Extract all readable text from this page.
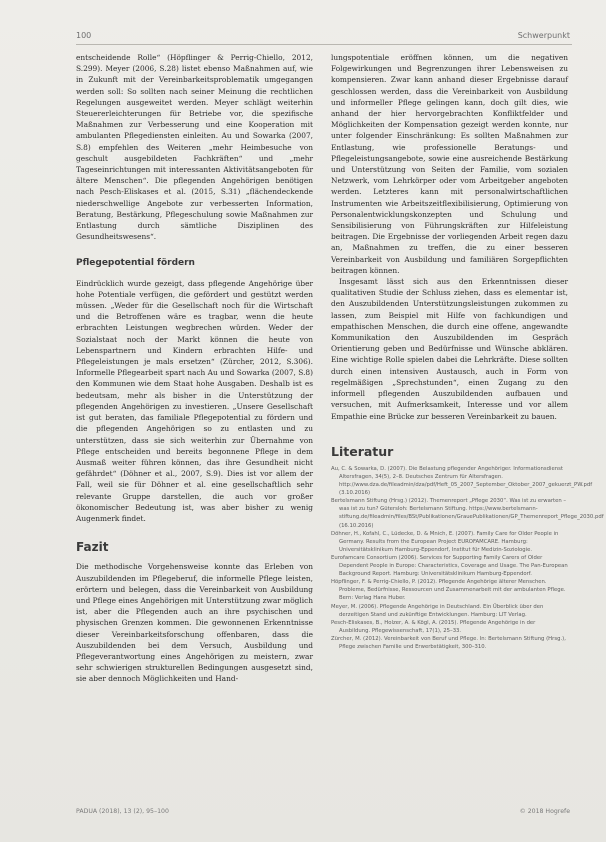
100	Schwerpunkt

entscheidende Rolle“ (Höpflinger & Perrig-Chiello, 2012, S.299). Meyer (2006, S.28) listet ebenso Maßnahmen auf, wie in Zukunft mit der Vereinbarkeitsproblematik umgegangen werden soll: So sollten nach seiner Meinung die rechtlichen Regelungen ausgeweitet werden. Meyer schlägt weiterhin Steuererleichterungen für Betriebe vor, die spezifische Maßnahmen zur Verbesserung und eine Kooperation mit ambulanten Pflegediensten einleiten. Au und Sowarka (2007, S.8) empfehlen des Weiteren „mehr Heimbesuche von geschult ausgebildeten Fachkräften“ und „mehr Tageseinrichtungen mit interessanten Aktivitätsangeboten für ältere Menschen“. Die pflegenden Angehörigen benötigen nach Pesch-Eliskases et al. (2015, S.31) „flächendeckende niederschwellige Angebote zur verbesserten Information, Beratung, Bestärkung, Pflegeschulung sowie Maßnahmen zur Entlastung durch sämtliche Disziplinen des Gesundheitswesens“.

Pflegepotential fördern

Eindrücklich wurde gezeigt, dass pflegende Angehörige über hohe Potentiale verfügen, die gefördert und gestützt werden müssen. „Weder für die Gesellschaft noch für die Wirtschaft und die Betroffenen wäre es tragbar, wenn die heute erbrachten Leistungen wegbrechen würden. Weder der Sozialstaat noch der Markt können die heute von Lebenspartnern und Kindern erbrachten Hilfe- und Pflegeleistungen je mals ersetzen“ (Zürcher, 2012, S.306). Informelle Pflegearbeit spart nach Au und Sowarka (2007, S.8) den Kommunen wie dem Staat hohe Ausgaben. Deshalb ist es bedeutsam, mehr als bisher in die Unterstützung der pflegenden Angehörigen zu investieren. „Unsere Gesellschaft ist gut beraten, das familiale Pflegepotential zu fördern und die pflegenden Angehörigen so zu entlasten und zu unterstützen, dass sie sich weiterhin zur Übernahme von Pflege entscheiden und bereits begonnene Pflege in dem Ausmaß weiter führen können, das ihre Gesundheit nicht gefährdet“ (Döhner et al., 2007, S.9). Dies ist vor allem der Fall, weil sie für Döhner et al. eine gesellschaftlich sehr relevante Gruppe darstellen, die auch vor großer ökonomischer Bedeutung ist, was aber bisher zu wenig Augenmerk findet.

Fazit

Die methodische Vorgehensweise konnte das Erleben von Auszubildenden im Pflegeberuf, die informelle Pflege leisten, erörtern und belegen, dass die Vereinbarkeit von Ausbildung und Pflege eines Angehörigen mit Unterstützung zwar möglich ist, aber die Pflegenden auch an ihre psychischen und physischen Grenzen kommen. Die gewonnenen Erkenntnisse dieser Vereinbarkeitsforschung offenbaren, dass die Auszubildenden bei dem Versuch, Ausbildung und Pflegeverantwortung eines Angehörigen zu meistern, zwar sehr schwierigen strukturellen Bedingungen ausgesetzt sind, sie aber dennoch Möglichkeiten und Hand-

lungspotentiale eröffnen können, um die negativen Folgewirkungen und Begrenzungen ihrer Lebensweisen zu kompensieren. Zwar kann anhand dieser Ergebnisse darauf geschlossen werden, dass die Vereinbarkeit von Ausbildung und informeller Pflege gelingen kann, doch gilt dies, wie anhand der hier hervorgebrachten Konfliktfelder und Möglichkeiten der Kompensation gezeigt werden konnte, nur unter folgender Einschränkung: Es sollten Maßnahmen zur Entlastung, wie professionelle Beratungs- und Pflegeleistungsangebote, sowie eine ausreichende Bestärkung und Unterstützung von Seiten der Familie, vom sozialen Netzwerk, vom Lehrkörper oder vom Arbeitgeber angeboten werden. Letzteres kann mit personalwirtschaftlichen Instrumenten wie Arbeitszeitflexibilisierung, Optimierung von Personalentwicklungskonzepten und Schulung und Sensibilisierung von Führungskräften zur Hilfeleistung beitragen. Die Ergebnisse der vorliegenden Arbeit regen dazu an, Maßnahmen zu treffen, die zu einer besseren Vereinbarkeit von Ausbildung und familiären Sorgepflichten beitragen können.

Insgesamt lässt sich aus den Erkenntnissen dieser qualitativen Studie der Schluss ziehen, dass es elementar ist, den Auszubildenden Unterstützungsleistungen zukommen zu lassen, zum Beispiel mit Hilfe von fachkundigen und empathischen Menschen, die durch eine offene, angewandte Kommunikation den Auszubildenden im Gespräch Orientierung geben und Bedürfnisse und Wünsche abklären. Eine wichtige Rolle spielen dabei die Lehrkräfte. Diese sollten durch einen intensiven Austausch, auch in Form von regelmäßigen „Sprechstunden“, einen Zugang zu den informell pflegenden Auszubildenden aufbauen und versuchen, mit Aufmerksamkeit, Interesse und vor allem Empathie eine Brücke zur besseren Vereinbarkeit zu bauen.

Literatur

Au, C. & Sowarka, D. (2007). Die Belastung pflegender Angehöriger. Informationsdienst Altersfragen, 34(5), 2–8. Deutsches Zentrum für Altersfragen. http://www.dza.de/fileadmin/dza/pdf/Heft_05_2007_September_Oktober_2007_gekuerzt_PW.pdf (3.10.2016)

Bertelsmann Stiftung (Hrsg.) (2012). Themenreport „Pflege 2030“. Was ist zu erwarten – was ist zu tun? Gütersloh: Bertelsmann Stiftung. https://www.bertelsmann-stiftung.de/fileadmin/files/BSt/Publikationen/GrauePublikationen/GP_Themenreport_Pflege_2030.pdf (16.10.2016)

Döhner, H., Kofahl, C., Lüdecke, D. & Mnich, E. (2007). Family Care for Older People in Germany. Results from the European Project EUROFAMCARE. Hamburg: Universitätsklinikum Hamburg-Eppendorf, Institut für Medizin-Soziologie.

Eurofamcare Consortium (2006). Services for Supporting Family Carers of Older Dependent People in Europe: Characteristics, Coverage and Usage. The Pan-European Background Report. Hamburg: Universitätsklinikum Hamburg-Eppendorf.

Höpflinger, F. & Perrig-Chiello, P. (2012). Pflegende Angehörige älterer Menschen. Probleme, Bedürfnisse, Ressourcen und Zusammenarbeit mit der ambulanten Pflege. Bern: Verlag Hans Huber.

Meyer, M. (2006). Pflegende Angehörige in Deutschland. Ein Überblick über den derzeitigen Stand und zukünftige Entwicklungen. Hamburg: LIT Verlag.

Pesch-Eliskases, B., Holzer, A. & Kögl, A. (2015). Pflegende Angehörige in der Ausbildung. Pflegewissenschaft, 17(1), 25–33.

Zürcher, M. (2012). Vereinbarkeit von Beruf und Pflege. In: Bertelsmann Stiftung (Hrsg.), Pflege zwischen Familie und Erwerbstätigkeit, 300–310.

PADUA (2018), 13 (2), 95–100	© 2018 Hogrefe
